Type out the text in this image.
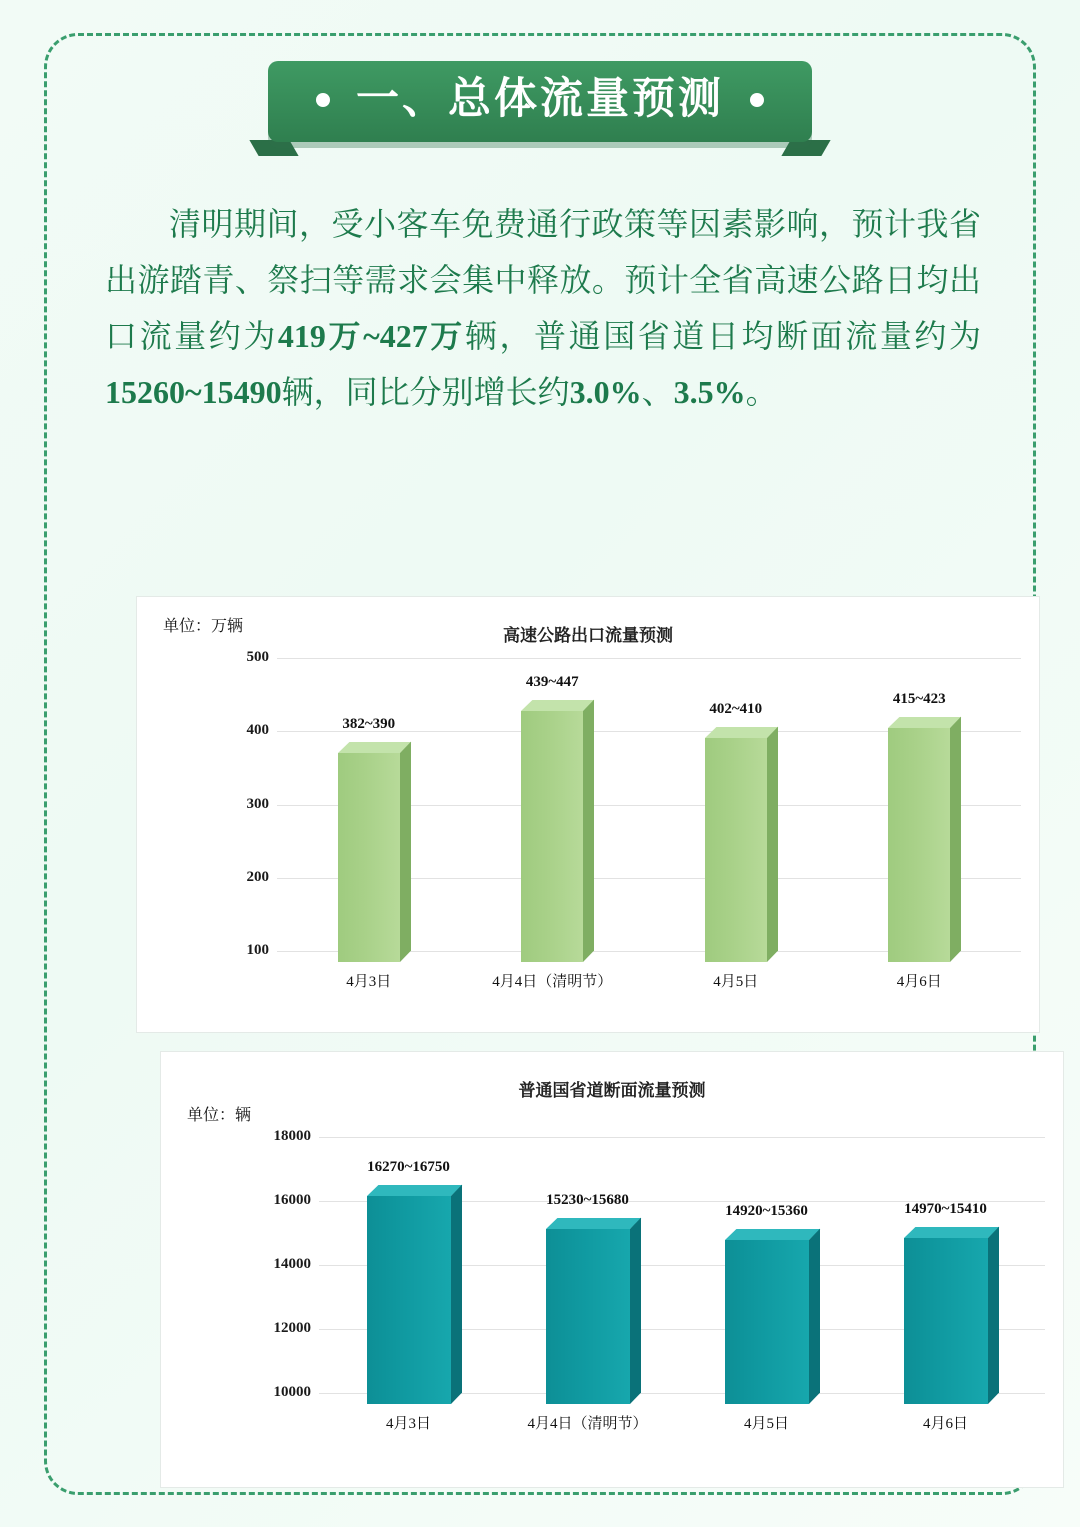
一、总体流量预测
清明期间，受小客车免费通行政策等因素影响，预计我省出游踏青、祭扫等需求会集中释放。预计全省高速公路日均出口流量约为419万~427万辆，普通国省道日均断面流量约为15260~15490辆，同比分别增长约3.0%、3.5%。
单位：万辆	高速公路出口流量预测
100
200
300
400
500
382~390
4月3日
439~447
4月4日（清明节）
402~410
4月5日
415~423
4月6日
单位：辆
普通国省道断面流量预测
10000
12000
14000
16000
18000
16270~16750
4月3日
15230~15680
4月4日（清明节）
14920~15360
4月5日
14970~15410
4月6日
